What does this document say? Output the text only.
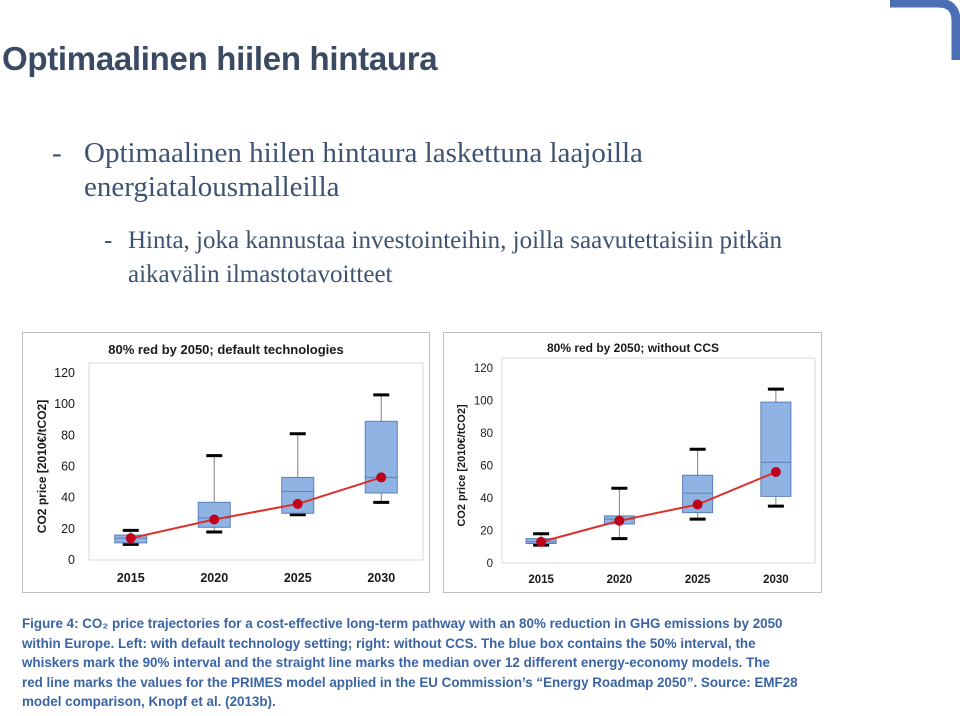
Optimaalinen hiilen hintaura
- Optimaalinen hiilen hintaura laskettuna laajoilla energiatalousmalleilla
- Hinta, joka kannustaa investointeihin, joilla saavutettaisiin pitkän aikavälin ilmastotavoitteet
80% red by 2050; default technologies
0
20
40
60
80
100
120
CO2 price [2010€/tCO2]
2015	2020	2025	2030
80% red by 2050; without CCS
0
20
40
60
80
100
120
CO2 price [2010€/tCO2]
2015	2020	2025	2030
Figure 4: CO₂ price trajectories for a cost-effective long-term pathway with an 80% reduction in GHG emissions by 2050
within Europe. Left: with default technology setting; right: without CCS. The blue box contains the 50% interval, the
whiskers mark the 90% interval and the straight line marks the median over 12 different energy-economy models. The
red line marks the values for the PRIMES model applied in the EU Commission’s “Energy Roadmap 2050”. Source: EMF28
model comparison, Knopf et al. (2013b).
